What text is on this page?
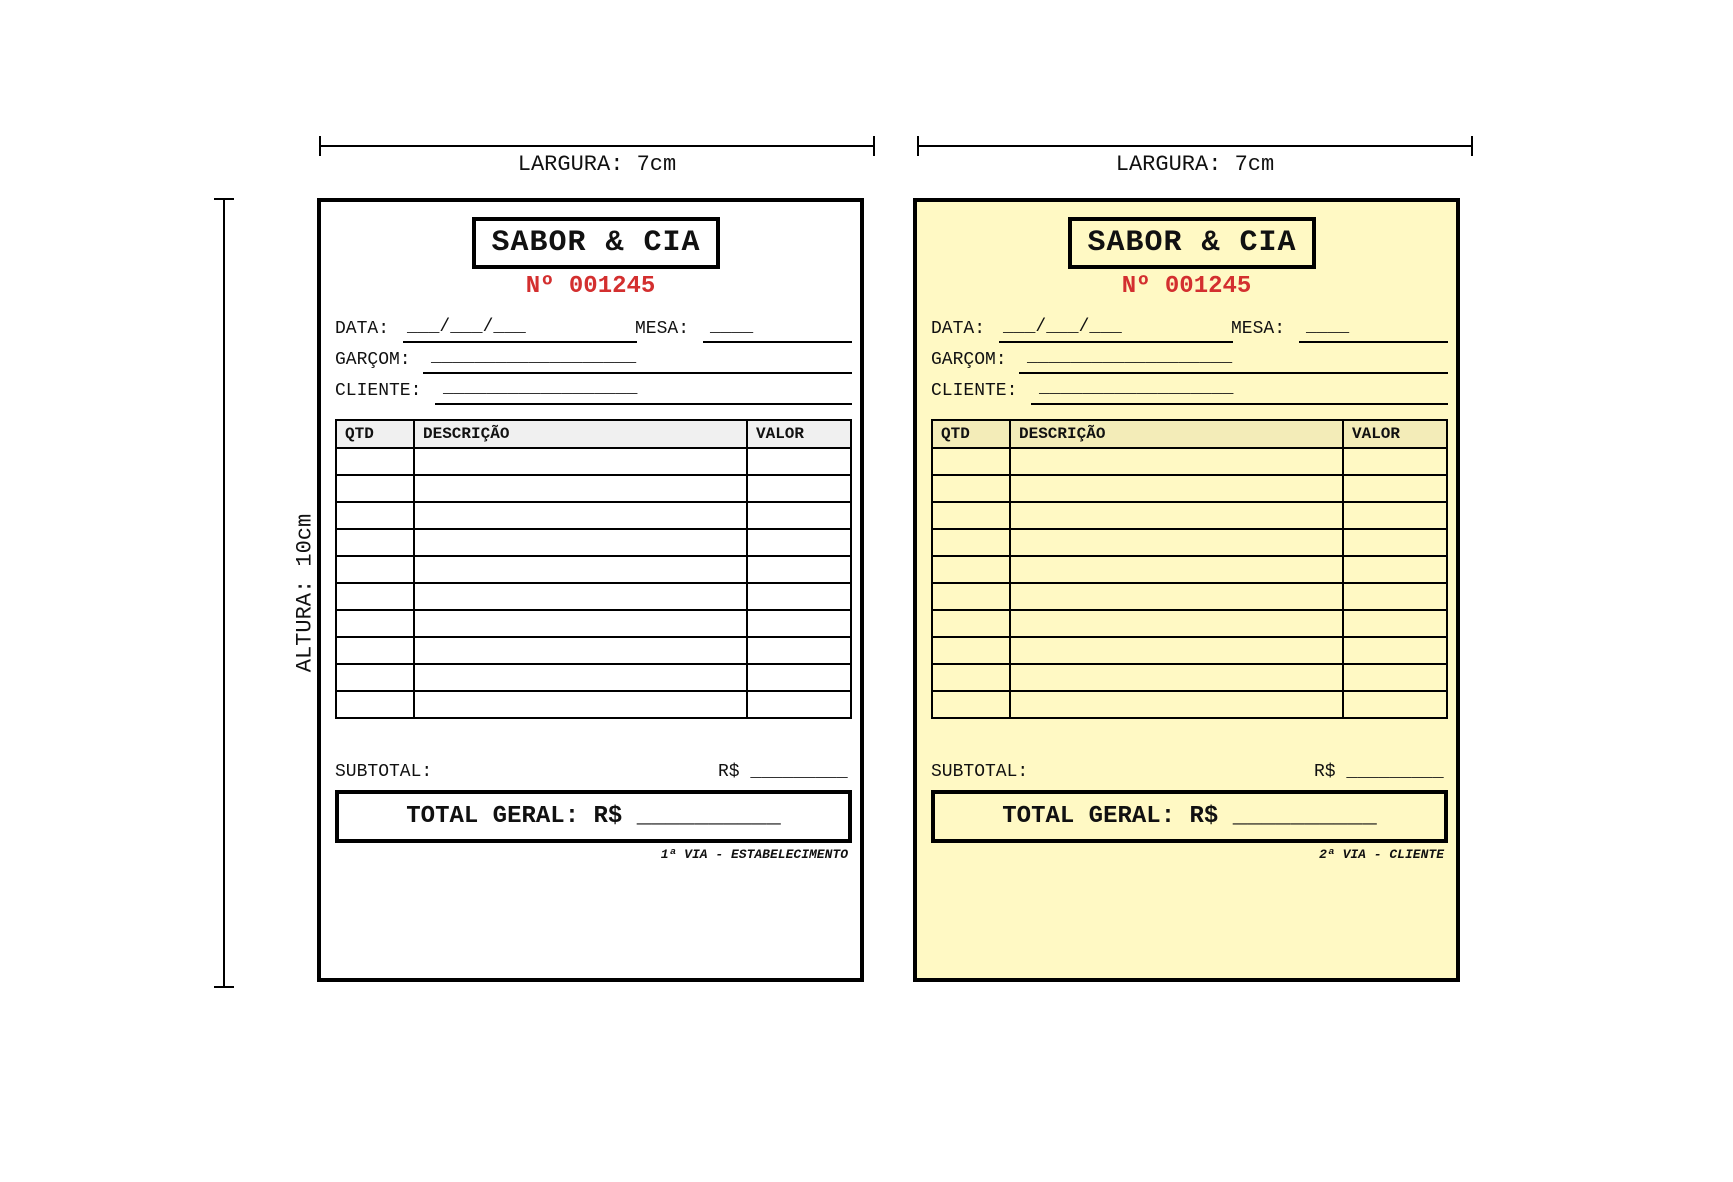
LARGURA: 7cm	LARGURA: 7cm
ALTURA: 10cm
SABOR & CIA
Nº 001245
DATA: ___/___/___	MESA: ____
GARÇOM: ___________________
CLIENTE: __________________
QTD	DESCRIÇÃO	VALOR

SUBTOTAL:	R$ _________
TOTAL GERAL: R$ __________
1ª VIA - ESTABELECIMENTO
SABOR & CIA
Nº 001245
DATA: ___/___/___	MESA: ____
GARÇOM: ___________________
CLIENTE: __________________
QTD	DESCRIÇÃO	VALOR

SUBTOTAL:	R$ _________
TOTAL GERAL: R$ __________
2ª VIA - CLIENTE
